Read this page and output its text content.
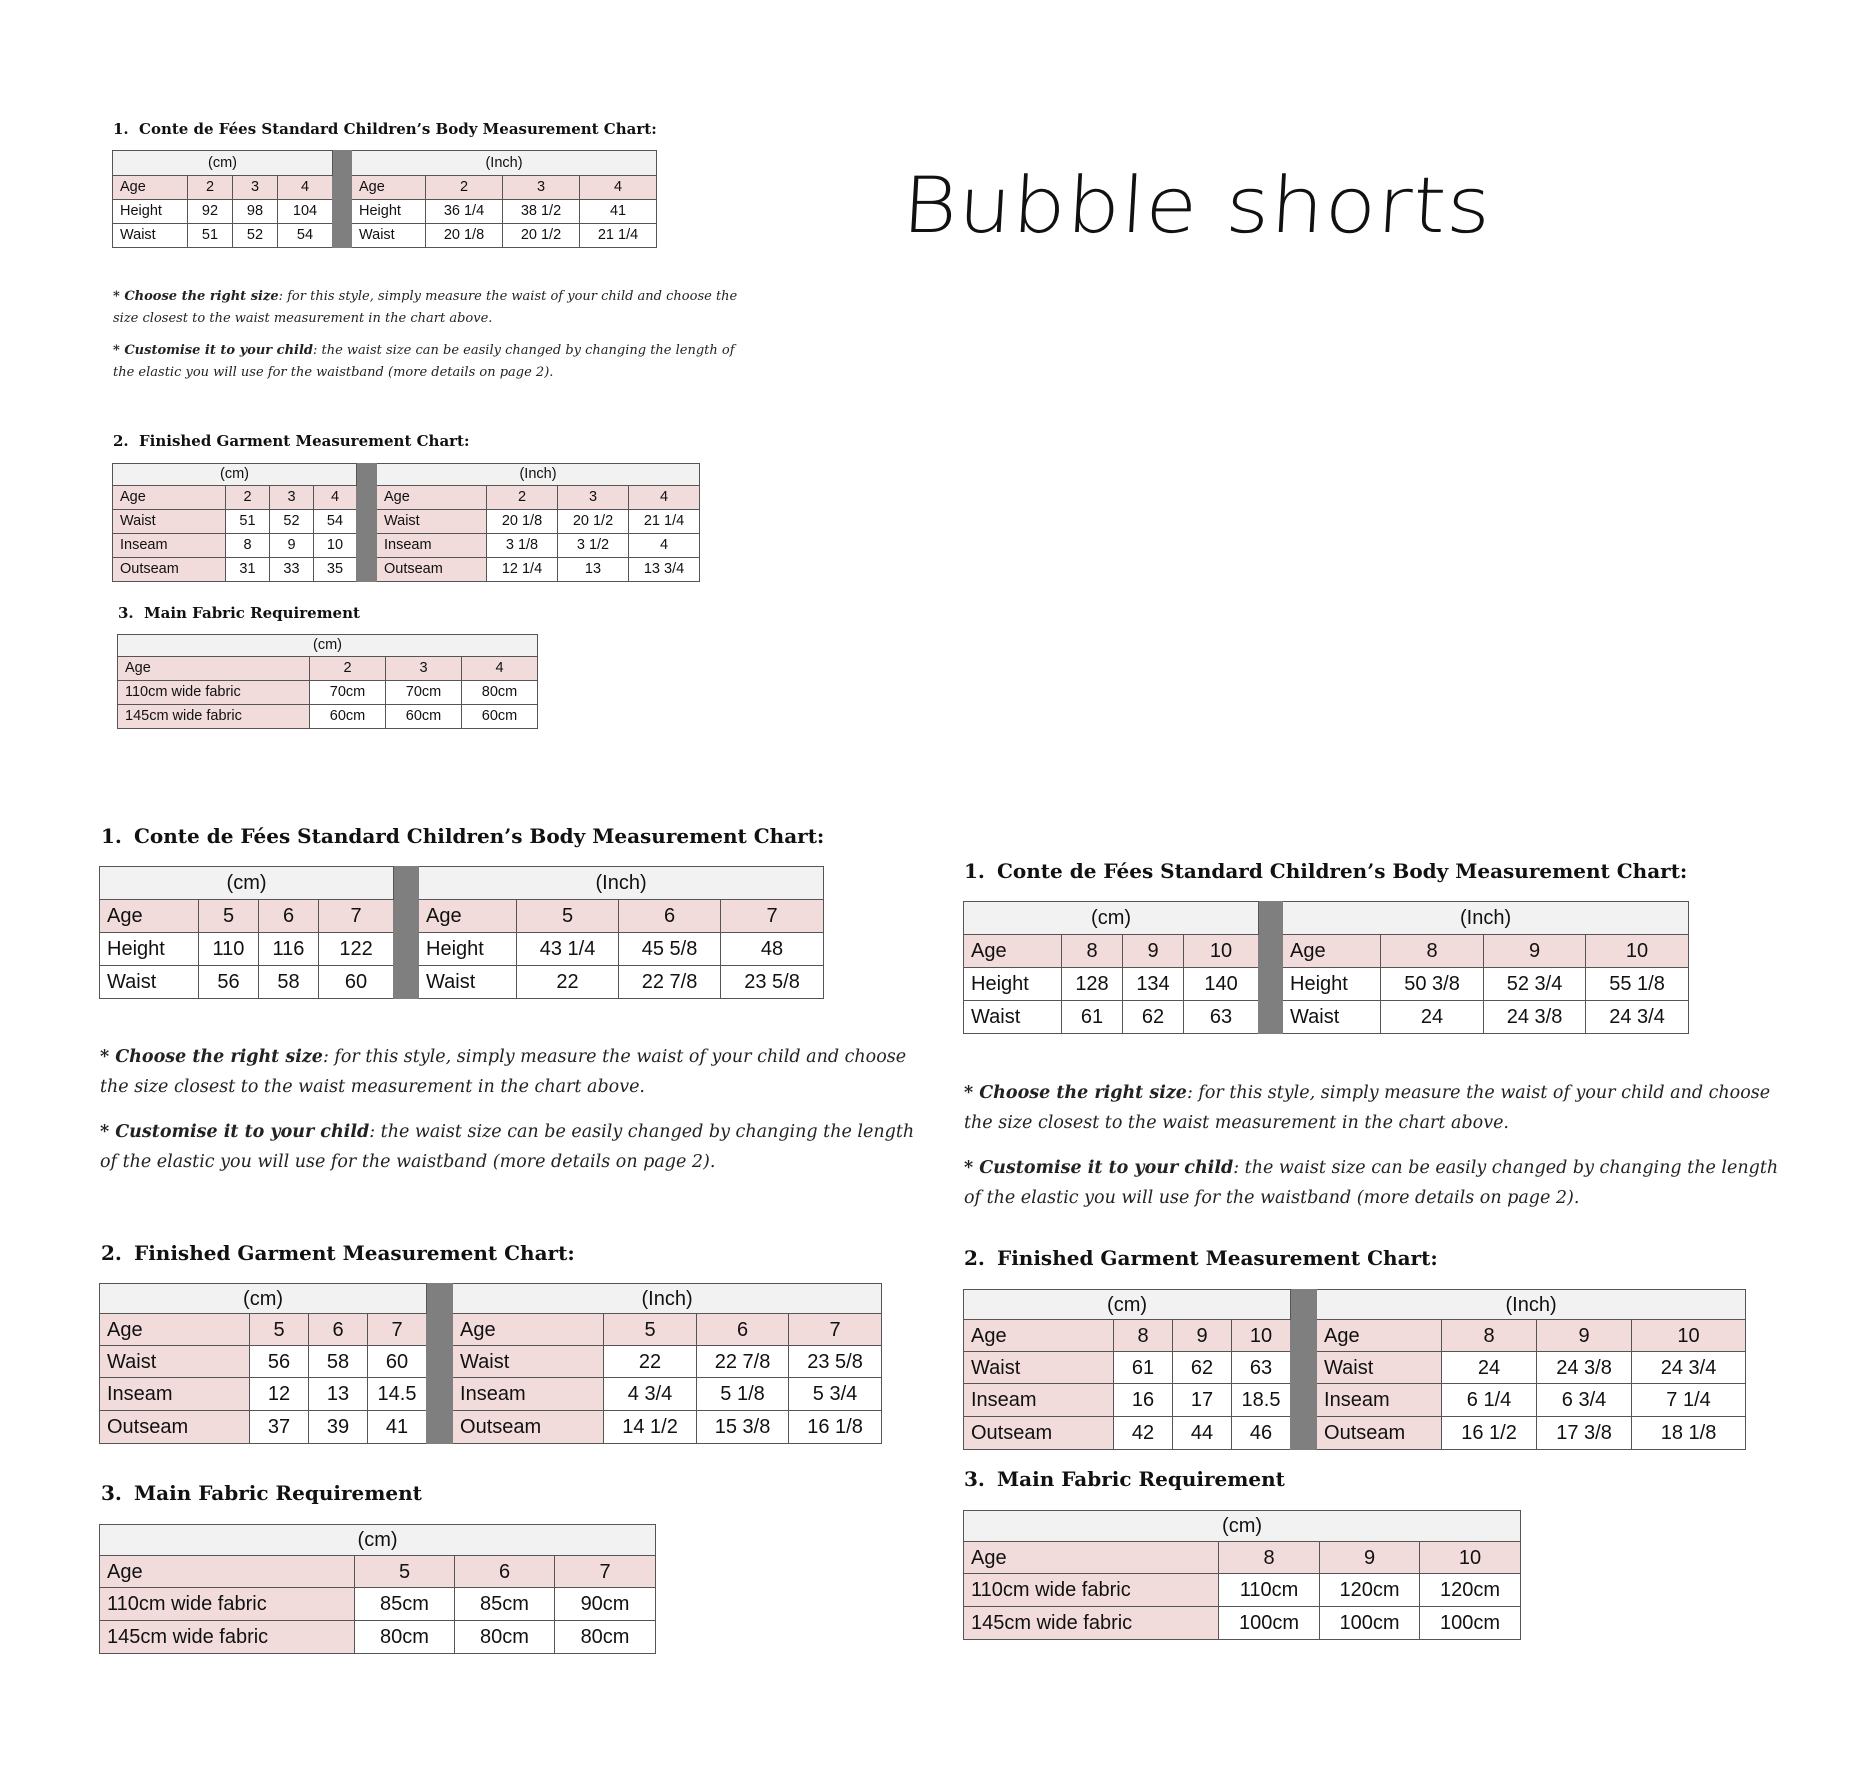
Bubble shorts
1. Conte de Fées Standard Children’s Body Measurement Chart:
(cm)					(Inch)			
Age	2	3	4		Age	2	3	4
Height	92	98	104		Height	36 1/4	38 1/2	41
Waist	51	52	54		Waist	20 1/8	20 1/2	21 1/4

* Choose the right size: for this style, simply measure the waist of your child and choose the size closest to the waist measurement in the chart above.

* Customise it to your child: the waist size can be easily changed by changing the length of the elastic you will use for the waistband (more details on page 2).

2. Finished Garment Measurement Chart:
(cm)					(Inch)			
Age	2	3	4		Age	2	3	4
Waist	51	52	54		Waist	20 1/8	20 1/2	21 1/4
Inseam	8	9	10		Inseam	3 1/8	3 1/2	4
Outseam	31	33	35		Outseam	12 1/4	13	13 3/4
3. Main Fabric Requirement
(cm)			
Age	2	3	4
110cm wide fabric	70cm	70cm	80cm
145cm wide fabric	60cm	60cm	60cm
1. Conte de Fées Standard Children’s Body Measurement Chart:
(cm)					(Inch)			
Age	5	6	7		Age	5	6	7
Height	110	116	122		Height	43 1/4	45 5/8	48
Waist	56	58	60		Waist	22	22 7/8	23 5/8

* Choose the right size: for this style, simply measure the waist of your child and choose the size closest to the waist measurement in the chart above.

* Customise it to your child: the waist size can be easily changed by changing the length of the elastic you will use for the waistband (more details on page 2).

2. Finished Garment Measurement Chart:
(cm)					(Inch)			
Age	5	6	7		Age	5	6	7
Waist	56	58	60		Waist	22	22 7/8	23 5/8
Inseam	12	13	14.5		Inseam	4 3/4	5 1/8	5 3/4
Outseam	37	39	41		Outseam	14 1/2	15 3/8	16 1/8
3. Main Fabric Requirement
(cm)			
Age	5	6	7
110cm wide fabric	85cm	85cm	90cm
145cm wide fabric	80cm	80cm	80cm
1. Conte de Fées Standard Children’s Body Measurement Chart:
(cm)					(Inch)			
Age	8	9	10		Age	8	9	10
Height	128	134	140		Height	50 3/8	52 3/4	55 1/8
Waist	61	62	63		Waist	24	24 3/8	24 3/4

* Choose the right size: for this style, simply measure the waist of your child and choose the size closest to the waist measurement in the chart above.

* Customise it to your child: the waist size can be easily changed by changing the length of the elastic you will use for the waistband (more details on page 2).

2. Finished Garment Measurement Chart:
(cm)					(Inch)			
Age	8	9	10		Age	8	9	10
Waist	61	62	63		Waist	24	24 3/8	24 3/4
Inseam	16	17	18.5		Inseam	6 1/4	6 3/4	7 1/4
Outseam	42	44	46		Outseam	16 1/2	17 3/8	18 1/8
3. Main Fabric Requirement
(cm)			
Age	8	9	10
110cm wide fabric	110cm	120cm	120cm
145cm wide fabric	100cm	100cm	100cm
